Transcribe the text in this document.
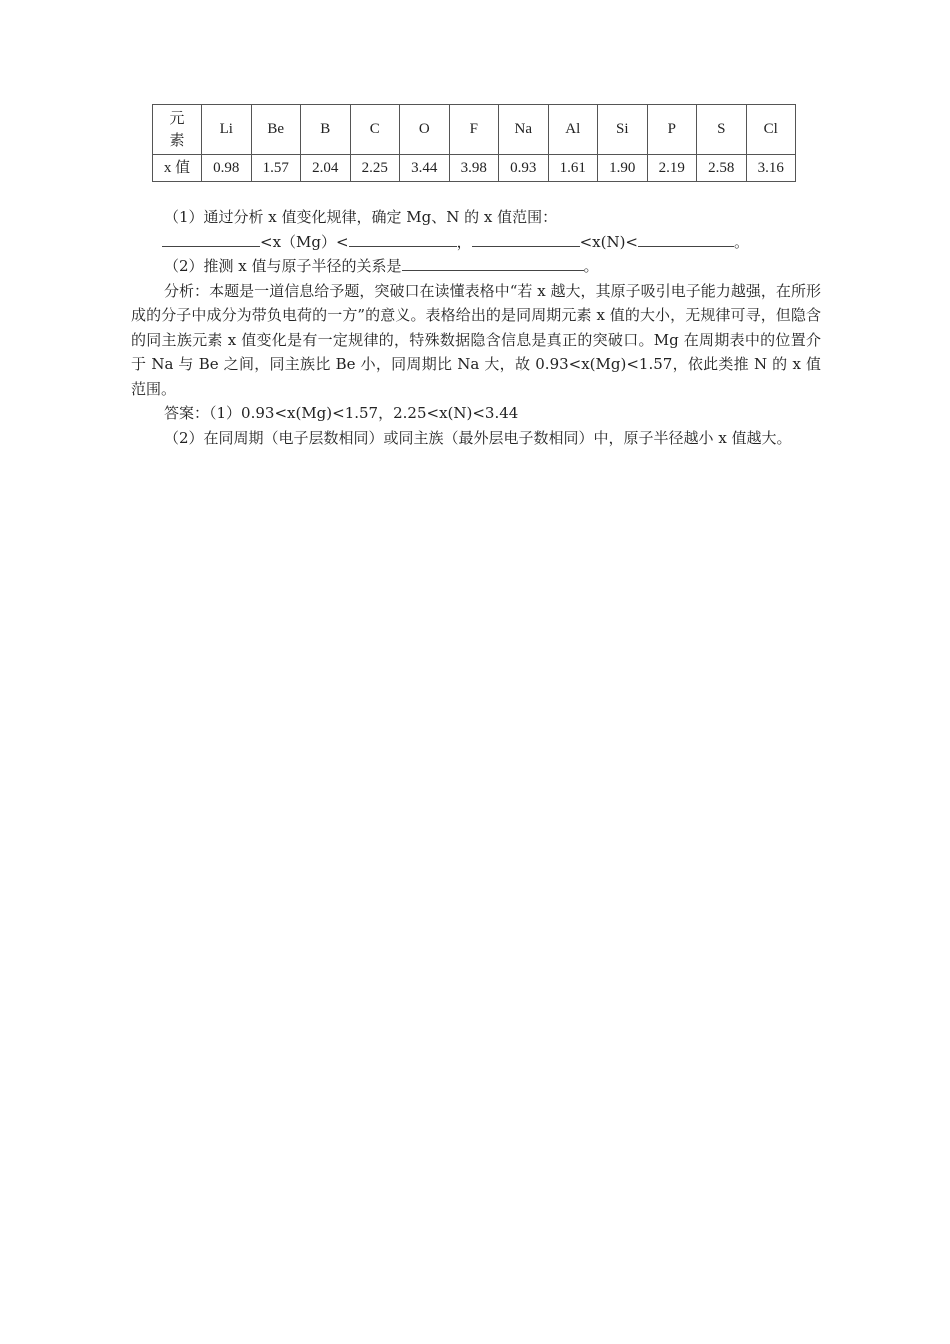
元
素	Li	Be	B	C	O	F	Na	Al	Si	P	S	Cl
x 值	0.98	1.57	2.04	2.25	3.44	3.98	0.93	1.61	1.90	2.19	2.58	3.16

（1）通过分析 x 值变化规律，确定 Mg、N 的 x 值范围：

<x（Mg）<	，	<x(N)<	。

（2）推测 x 值与原子半径的关系是	。

分析：本题是一道信息给予题，突破口在读懂表格中“若 x 越大，其原子吸引电子能力越强，在所形成的分子中成分为带负电荷的一方”的意义。表格给出的是同周期元素 x 值的大小，无规律可寻，但隐含的同主族元素 x 值变化是有一定规律的，特殊数据隐含信息是真正的突破口。Mg 在周期表中的位置介于 Na 与 Be 之间，同主族比 Be 小，同周期比 Na 大，故 0.93<x(Mg)<1.57，依此类推 N 的 x 值范围。

答案：（1）0.93<x(Mg)<1.57，2.25<x(N)<3.44

（2）在同周期（电子层数相同）或同主族（最外层电子数相同）中，原子半径越小 x 值越大。
